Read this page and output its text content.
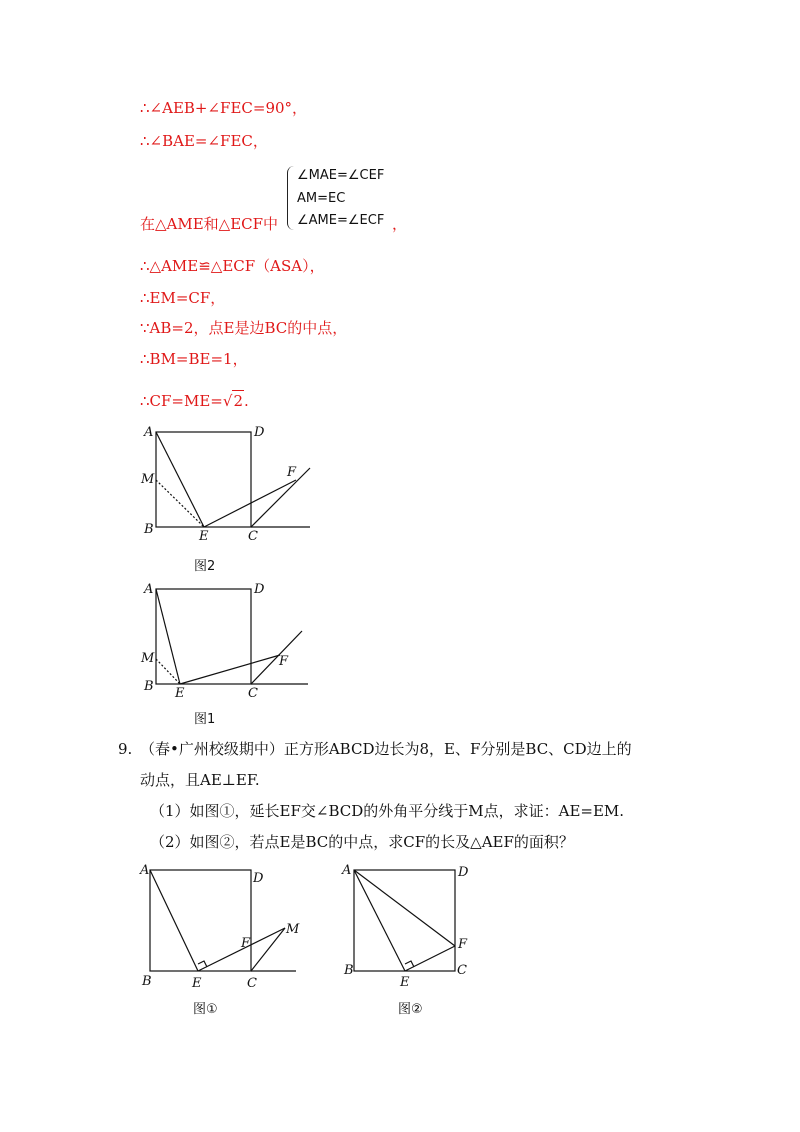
∴∠AEB+∠FEC=90°，
∴∠BAE=∠FEC，
∠MAE=∠CEF
AM=EC
∠AME=∠ECF
在△AME和△ECF中	，
∴△AME≌△ECF（ASA），
∴EM=CF，
∵AB=2，点E是边BC的中点，
∴BM=BE=1，
∴CF=ME=√2.
A	D
M	F
B	E	C
图2
A	D
M	F
B E	C
图1
9. （春•广州校级期中）正方形ABCD边长为8，E、F分别是BC、CD边上的
动点，且AE⊥EF.
（1）如图①，延长EF交∠BCD的外角平分线于M点，求证：AE=EM.
（2）如图②，若点E是BC的中点，求CF的长及△AEF的面积？
A
D
F
M
B	E	C
图①
A	D
F
B
E
C
图②
